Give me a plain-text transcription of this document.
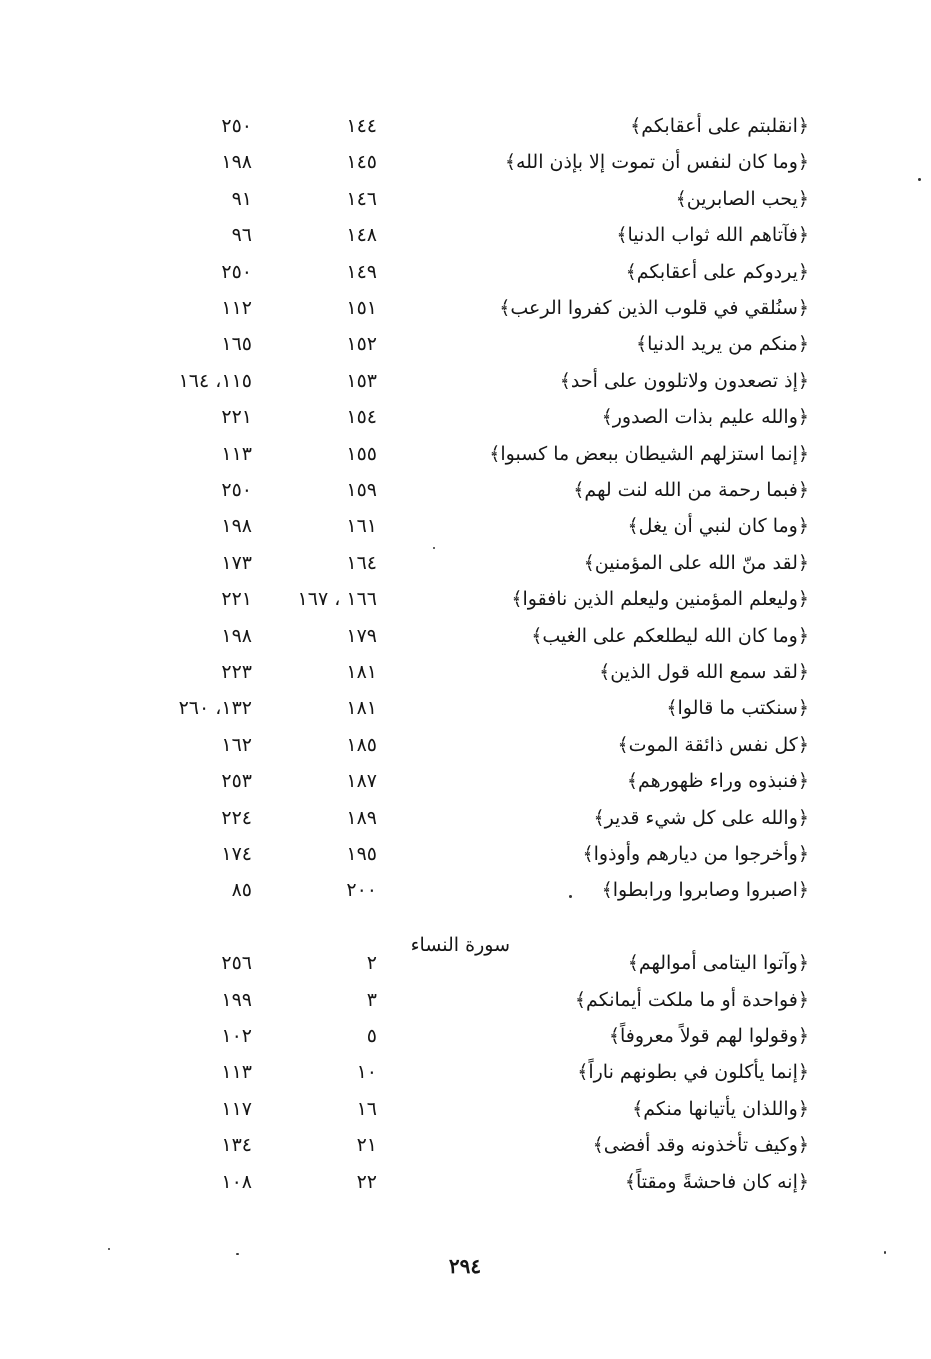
﴿انقلبتم على أعقابكم﴾
١٤٤
٢٥٠
﴿وما كان لنفس أن تموت إلا بإذن الله﴾
١٤٥
١٩٨
﴿يحب الصابرين﴾
١٤٦
٩١
﴿فآتاهم الله ثواب الدنيا﴾
١٤٨
٩٦
﴿يردوكم على أعقابكم﴾
١٤٩
٢٥٠
﴿سنُلقي في قلوب الذين كفروا الرعب﴾
١٥١
١١٢
﴿منكم من يريد الدنيا﴾
١٥٢
١٦٥
﴿إذ تصعدون ولاتلوون على أحد﴾
١٥٣
١١٥، ١٦٤
﴿والله عليم بذات الصدور﴾
١٥٤
٢٢١
﴿إنما استزلهم الشيطان ببعض ما كسبوا﴾
١٥٥
١١٣
﴿فبما رحمة من الله لنت لهم﴾
١٥٩
٢٥٠
﴿وما كان لنبي أن يغل﴾
١٦١
١٩٨
﴿لقد منّ الله على المؤمنين﴾
١٦٤
١٧٣
﴿وليعلم المؤمنين وليعلم الذين نافقوا﴾
١٦٦ ، ١٦٧
٢٢١
﴿وما كان الله ليطلعكم على الغيب﴾
١٧٩
١٩٨
﴿لقد سمع الله قول الذين﴾
١٨١
٢٢٣
﴿سنكتب ما قالوا﴾
١٨١
١٣٢، ٢٦٠
﴿كل نفس ذائقة الموت﴾
١٨٥
١٦٢
﴿فنبذوه وراء ظهورهم﴾
١٨٧
٢٥٣
﴿والله على كل شيء قدير﴾
١٨٩
٢٢٤
﴿وأخرجوا من ديارهم وأوذوا﴾
١٩٥
١٧٤
﴿اصبروا وصابروا ورابطوا﴾
٢٠٠
٨٥
﴿وآتوا اليتامى أموالهم﴾
٢
٢٥٦
﴿فواحدة أو ما ملكت أيمانكم﴾
٣
١٩٩
﴿وقولوا لهم قولاً معروفاً﴾
٥
١٠٢
﴿إنما يأكلون في بطونهم ناراً﴾
١٠
١١٣
﴿واللذان يأتيانها منكم﴾
١٦
١١٧
﴿وكيف تأخذونه وقد أفضى﴾
٢١
١٣٤
﴿إنه كان فاحشةً ومقتاً﴾
٢٢
١٠٨
سورة النساء
٢٩٤
